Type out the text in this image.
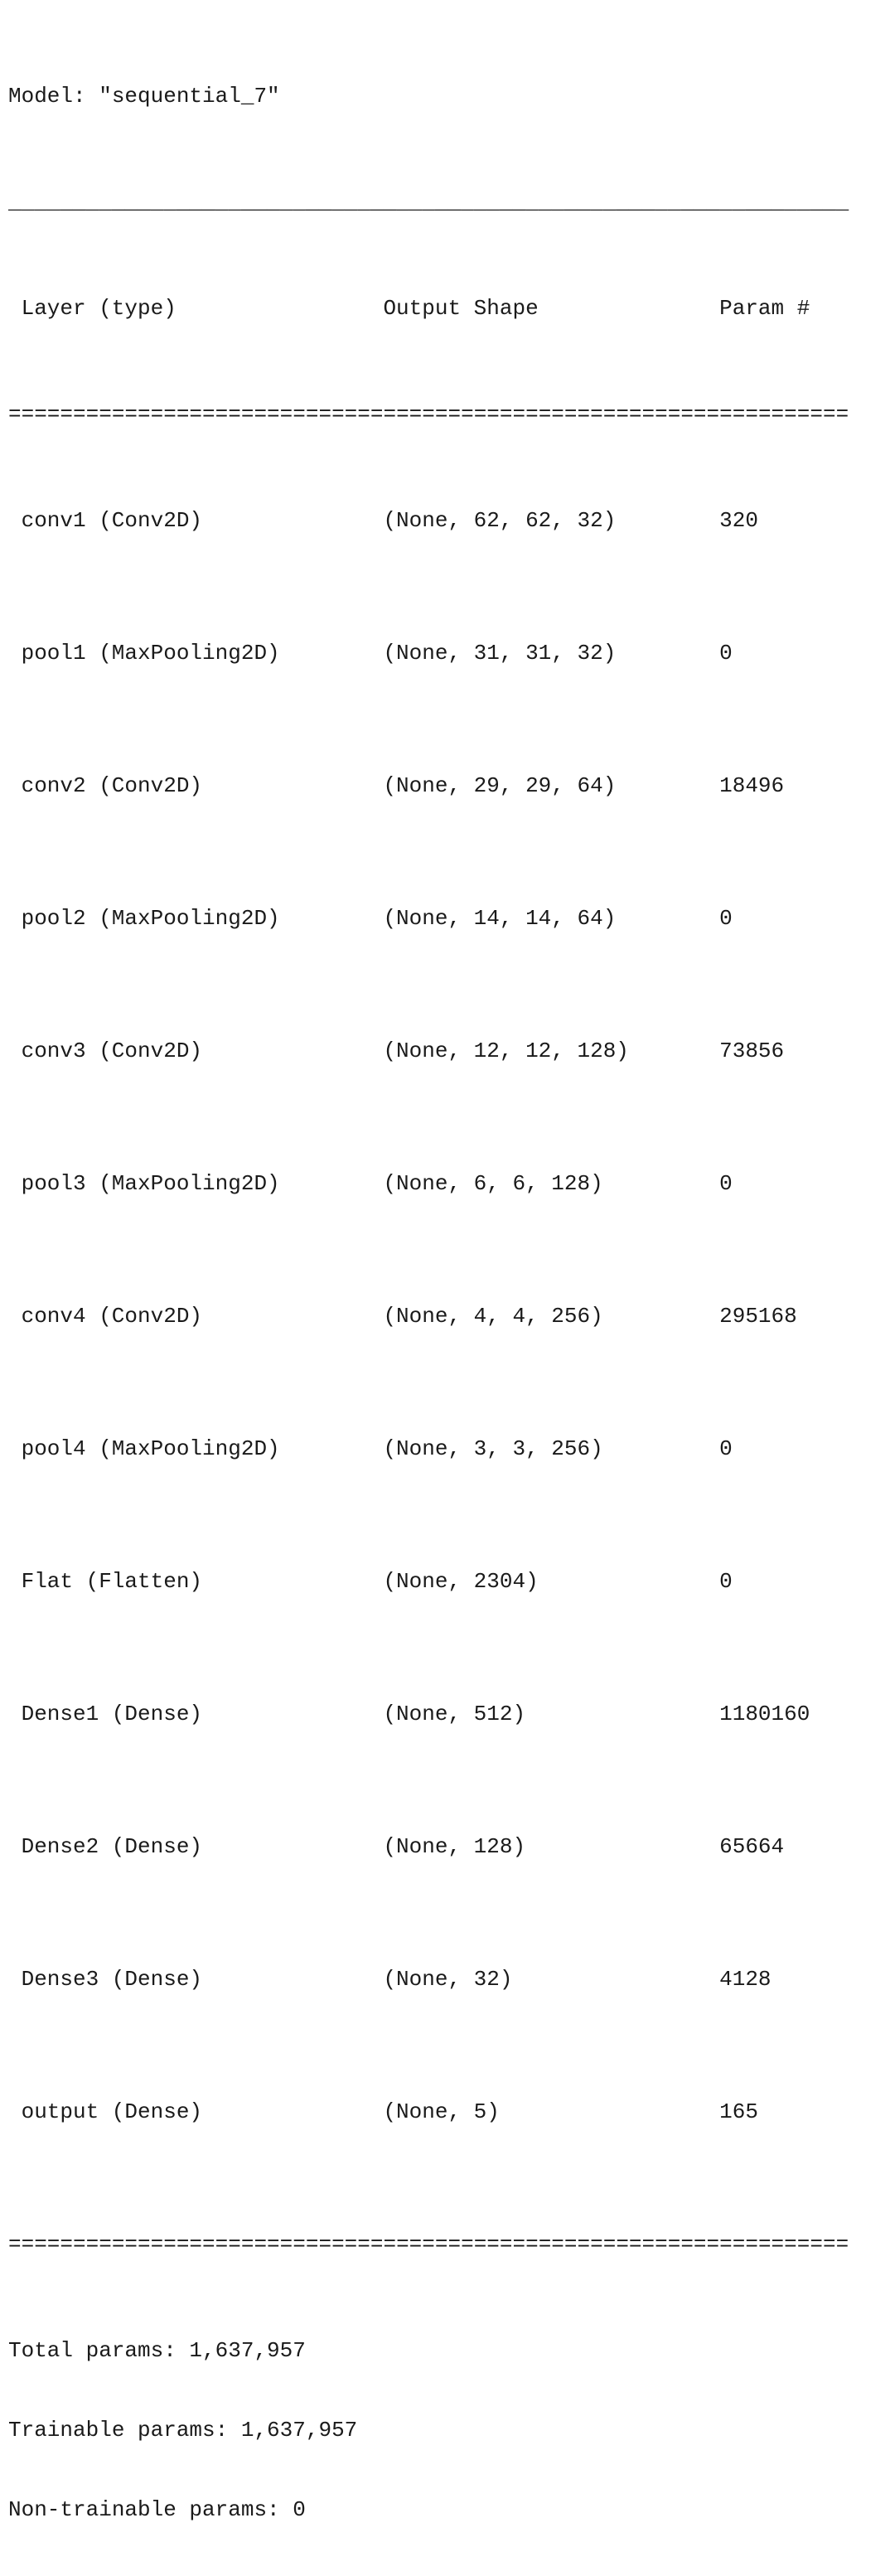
Model: "sequential_7"

_________________________________________________________________

Layer (type)	Output Shape	Param #

=================================================================

conv1 (Conv2D)	(None, 62, 62, 32)	320

pool1 (MaxPooling2D)	(None, 31, 31, 32)	0

conv2 (Conv2D)	(None, 29, 29, 64)	18496

pool2 (MaxPooling2D)	(None, 14, 14, 64)	0

conv3 (Conv2D)	(None, 12, 12, 128)	73856

pool3 (MaxPooling2D)	(None, 6, 6, 128)	0

conv4 (Conv2D)	(None, 4, 4, 256)	295168

pool4 (MaxPooling2D)	(None, 3, 3, 256)	0

Flat (Flatten)	(None, 2304)	0

Dense1 (Dense)	(None, 512)	1180160

Dense2 (Dense)	(None, 128)	65664

Dense3 (Dense)	(None, 32)	4128

output (Dense)	(None, 5)	165

=================================================================

Total params: 1,637,957

Trainable params: 1,637,957

Non-trainable params: 0
